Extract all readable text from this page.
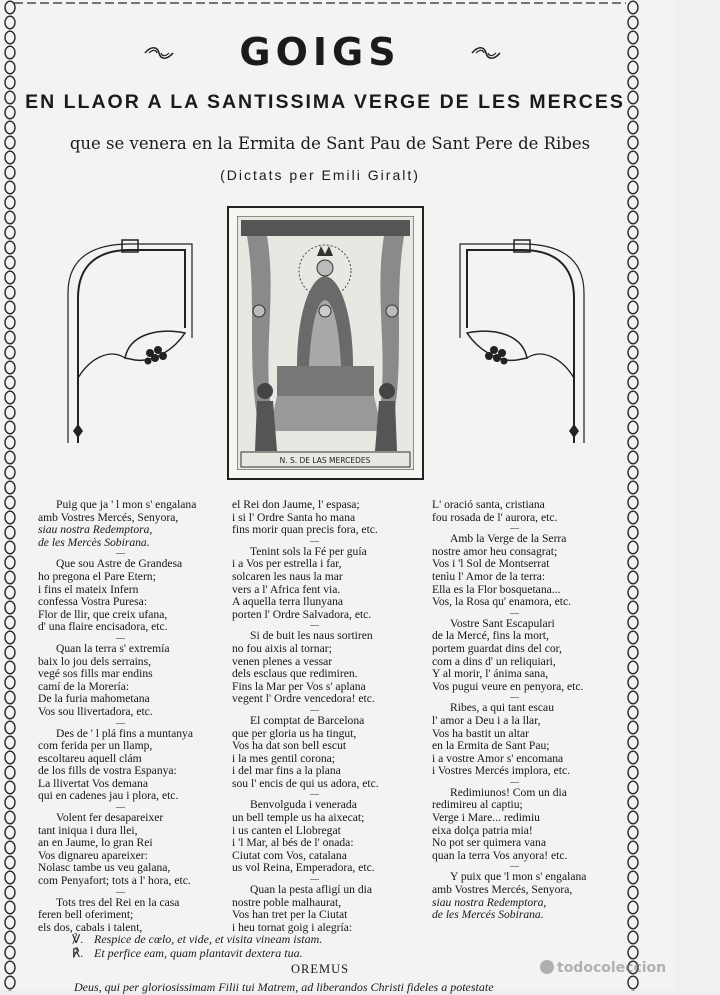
GOIGS
EN LLAOR A LA SANTISSIMA VERGE DE LES MERCES
que se venera en la Ermita de Sant Pau de Sant Pere de Ribes
(Dictats per Emili Giralt)
N. S. DE LAS MERCEDES
Puig que ja ' l mon s' engalana
amb Vostres Mercés, Senyora,
siau nostra Redemptora,
de les Mercès Sobirana.
—
Que sou Astre de Grandesa
ho pregona el Pare Etern;
i fins el mateix Infern
confessa Vostra Puresa:
Flor de llir, que creix ufana,
d' una flaire encisadora, etc.
—
Quan la terra s' extremía
baix lo jou dels serrains,
vegé sos fills mar endins
camí de la Morería:
De la furia mahometana
Vos sou llivertadora, etc.
—
Des de ' l plá fins a muntanya
com ferida per un llamp,
escoltareu aquell clám
de los fills de vostra Espanya:
La llivertat Vos demana
qui en cadenes jau i plora, etc.
—
Volent fer desapareixer
tant iniqua i dura llei,
an en Jaume, lo gran Rei
Vos dignareu apareixer:
Nolasc tambe us veu galana,
com Penyafort; tots a l' hora, etc.
—
Tots tres del Rei en la casa
feren bell oferiment;
els dos, cabals i talent,
el Rei don Jaume, l' espasa;
i si l' Ordre Santa ho mana
fins morir quan precis fora, etc.
—
Tenint sols la Fé per guía
i a Vos per estrella i far,
solcaren les naus la mar
vers a l' Africa fent via.
A aquella terra llunyana
porten l' Ordre Salvadora, etc.
—
Si de buit les naus sortiren
no fou aixis al tornar;
venen plenes a vessar
dels esclaus que redimiren.
Fins la Mar per Vos s' aplana
vegent l' Ordre vencedora! etc.
—
El comptat de Barcelona
que per gloria us ha tingut,
Vos ha dat son bell escut
i la mes gentil corona;
i del mar fins a la plana
sou l' encis de qui us adora, etc.
—
Benvolguda i venerada
un bell temple us ha aixecat;
i us canten el Llobregat
i 'l Mar, al bés de l' onada:
Ciutat com Vos, catalana
us vol Reina, Emperadora, etc.
—
Quan la pesta afligí un dia
nostre poble malhaurat,
Vos han tret per la Ciutat
i heu tornat goig i alegría:
L' oració santa, cristiana
fou rosada de l' aurora, etc.
—
Amb la Verge de la Serra
nostre amor heu consagrat;
Vos i 'l Sol de Montserrat
tenìu l' Amor de la terra:
Ella es la Flor bosquetana...
Vos, la Rosa qu' enamora, etc.
—
Vostre Sant Escapulari
de la Mercé, fins la mort,
portem guardat dins del cor,
com a dins d' un reliquiari,
Y al morir, l' ánima sana,
Vos pugui veure en penyora, etc.
—
Ribes, a qui tant escau
l' amor a Deu i a la llar,
Vos ha bastit un altar
en la Ermita de Sant Pau;
i a vostre Amor s' encomana
i Vostres Mercés implora, etc.
—
Redimiunos! Com un dia
redimireu al captiu;
Verge i Mare... redimiu
eixa dolça patria mia!
No pot ser quimera vana
quan la terra Vos anyora! etc.
—
Y puix que 'l mon s' engalana
amb Vostres Mercés, Senyora,
siau nostra Redemptora,
de les Mercés Sobirana.
℣. Respice de cœlo, et vide, et visita vineam istam.
℟. Et perfice eam, quam plantavit dextera tua.
OREMUS
Deus, qui per gloriosissimam Filii tui Matrem, ad liberandos Christi fideles a potestate
todocoleccion
